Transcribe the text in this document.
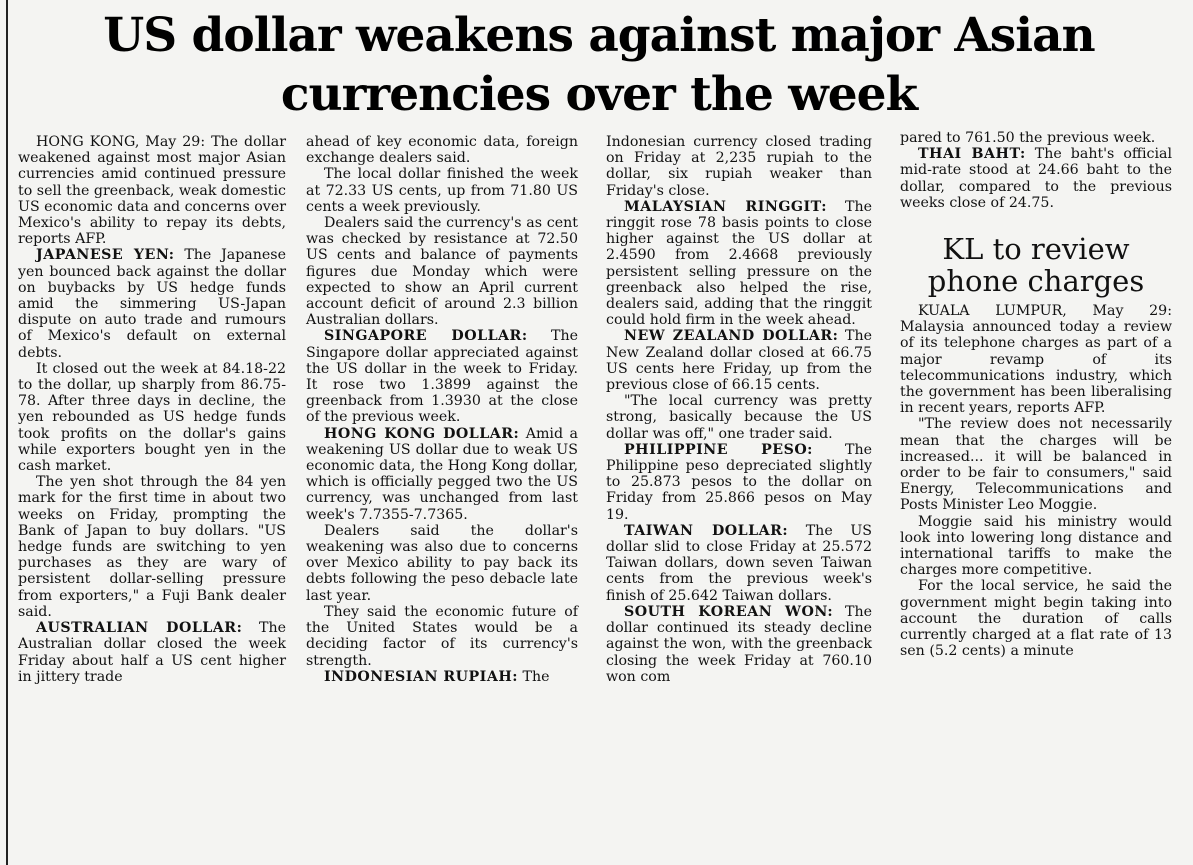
US dollar weakens against major Asian currencies over the week

HONG KONG, May 29: The dollar weakened against most major Asian currencies amid continued pressure to sell the greenback, weak domestic US economic data and concerns over Mexico's ability to repay its debts, reports AFP.

JAPANESE YEN: The Japanese yen bounced back against the dollar on buybacks by US hedge funds amid the simmering US-Japan dispute on auto trade and rumours of Mexico's default on external debts.

It closed out the week at 84.18-22 to the dollar, up sharply from 86.75-78. After three days in decline, the yen rebounded as US hedge funds took profits on the dollar's gains while exporters bought yen in the cash market.

The yen shot through the 84 yen mark for the first time in about two weeks on Friday, prompting the Bank of Japan to buy dollars. "US hedge funds are switching to yen purchases as they are wary of persistent dollar-selling pressure from exporters," a Fuji Bank dealer said.

AUSTRALIAN DOLLAR: The Australian dollar closed the week Friday about half a US cent higher in jittery trade

ahead of key economic data, foreign exchange dealers said.

The local dollar finished the week at 72.33 US cents, up from 71.80 US cents a week previously.

Dealers said the currency's as cent was checked by resistance at 72.50 US cents and balance of payments figures due Monday which were expected to show an April current account deficit of around 2.3 billion Australian dollars.

SINGAPORE DOLLAR: The Singapore dollar appreciated against the US dollar in the week to Friday. It rose two 1.3899 against the greenback from 1.3930 at the close of the previous week.

HONG KONG DOLLAR: Amid a weakening US dollar due to weak US economic data, the Hong Kong dollar, which is officially pegged two the US currency, was unchanged from last week's 7.7355-7.7365.

Dealers said the dollar's weakening was also due to concerns over Mexico ability to pay back its debts following the peso debacle late last year.

They said the economic future of the United States would be a deciding factor of its currency's strength.

INDONESIAN RUPIAH: The

Indonesian currency closed trading on Friday at 2,235 rupiah to the dollar, six rupiah weaker than Friday's close.

MALAYSIAN RINGGIT: The ringgit rose 78 basis points to close higher against the US dollar at 2.4590 from 2.4668 previously persistent selling pressure on the greenback also helped the rise, dealers said, adding that the ringgit could hold firm in the week ahead.

NEW ZEALAND DOLLAR: The New Zealand dollar closed at 66.75 US cents here Friday, up from the previous close of 66.15 cents.

"The local currency was pretty strong, basically because the US dollar was off," one trader said.

PHILIPPINE PESO: The Philippine peso depreciated slightly to 25.873 pesos to the dollar on Friday from 25.866 pesos on May 19.

TAIWAN DOLLAR: The US dollar slid to close Friday at 25.572 Taiwan dollars, down seven Taiwan cents from the previous week's finish of 25.642 Taiwan dollars.

SOUTH KOREAN WON: The dollar continued its steady decline against the won, with the greenback closing the week Friday at 760.10 won com

pared to 761.50 the previous week.

THAI BAHT: The baht's official mid-rate stood at 24.66 baht to the dollar, compared to the previous weeks close of 24.75.

KL to review phone charges

KUALA LUMPUR, May 29: Malaysia announced today a review of its telephone charges as part of a major revamp of its telecommunications industry, which the government has been liberalising in recent years, reports AFP.

"The review does not necessarily mean that the charges will be increased... it will be balanced in order to be fair to consumers," said Energy, Telecommunications and Posts Minister Leo Moggie.

Moggie said his ministry would look into lowering long distance and international tariffs to make the charges more competitive.

For the local service, he said the government might begin taking into account the duration of calls currently charged at a flat rate of 13 sen (5.2 cents) a minute
